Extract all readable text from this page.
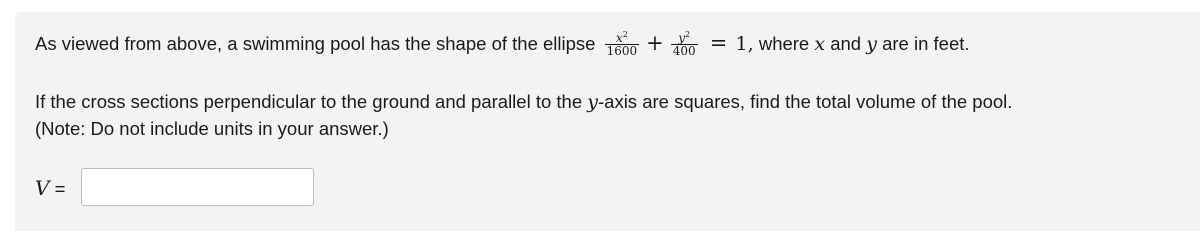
As viewed from above, a swimming pool has the shape of the ellipse $\frac{x^2}{1600} + \frac{y^2}{400} = 1$, where x and y are in feet.
If the cross sections perpendicular to the ground and parallel to the y-axis are squares, find the total volume of the pool.
(Note: Do not include units in your answer.)
V =
